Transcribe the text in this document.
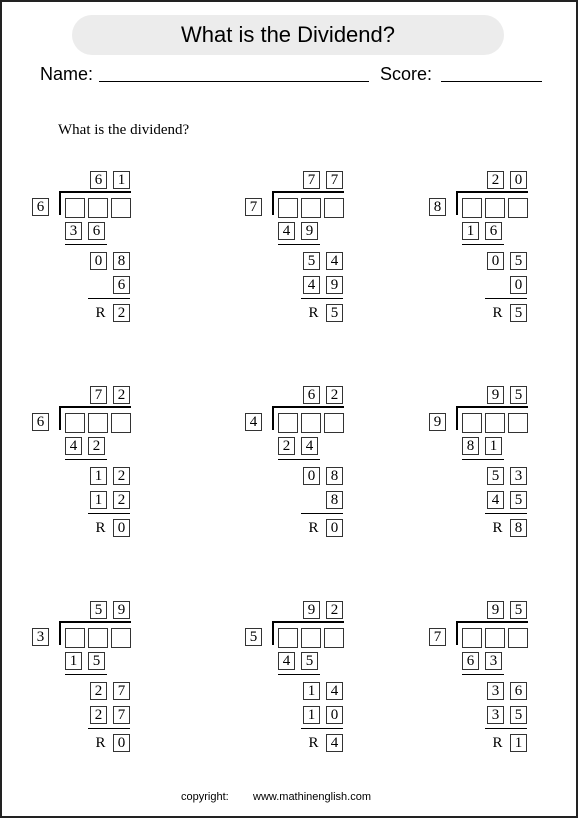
What is the Dividend?
Name:	Score:
What is the dividend?
6	1
6
3	6
0	8
6
R 2
7	7
7
4	9
5	4
4	9
R 5
2	0
8
1	6
0	5
0
R 5
7	2
6
4	2
1	2
1	2
R 0
6	2
4
2	4
0	8
8
R 0
9	5
9
8	1
5	3
4	5
R 8
5	9
3
1	5
2	7
2	7
R 0
9	2
5
4	5
1	4
1	0
R 4
9	5
7
6	3
3	6
3	5
R 1
copyright: www.mathinenglish.com
